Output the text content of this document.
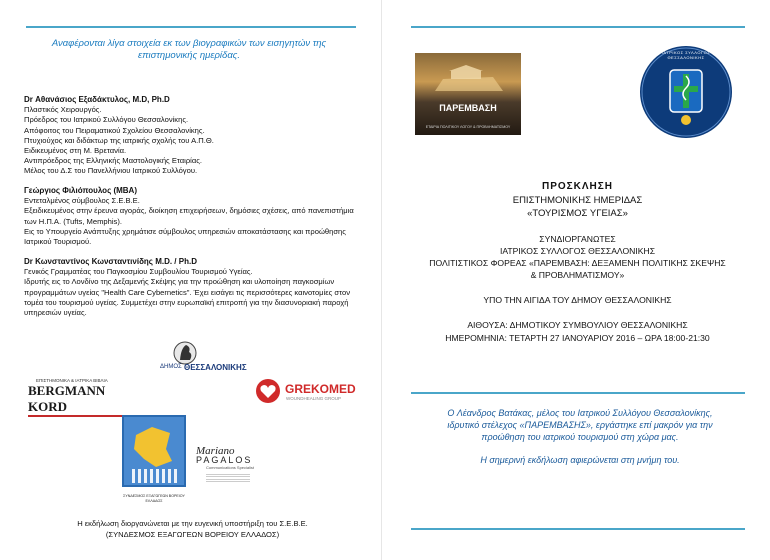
Αναφέρονται λίγα στοιχεία εκ των βιογραφικών των εισηγητών της επιστημονικής ημερίδας.
Dr Αθανάσιος Εξαδάκτυλος, M.D, Ph.D
Πλαστικός Χειρουργός.
Πρόεδρος του Ιατρικού Συλλόγου Θεσσαλονίκης.
Απόφοιτος του Πειραματικού Σχολείου Θεσσαλονίκης.
Πτυχιούχος και διδάκτωρ της ιατρικής σχολής του Α.Π.Θ.
Ειδικευμένος στη Μ. Βρετανία.
Αντιπρόεδρος της Ελληνικής Μαστολογικής Εταιρίας.
Μέλος του Δ.Σ του Πανελλήνιου Ιατρικού Συλλόγου.
Γεώργιος Φιλιόπουλος (MBA)
Εντεταλμένος σύμβουλος Σ.Ε.Β.Ε.
Εξειδικευμένος στην έρευνα αγοράς, διοίκηση επιχειρήσεων, δημόσιες σχέσεις, από πανεπιστήμια των Η.Π.Α. (Tufts, Memphis).
Εις το Υπουργείο Ανάπτυξης χρημάτισε σύμβουλος υπηρεσιών αποκατάστασης και προώθησης Ιατρικού Τουρισμού.
Dr Κωνσταντίνος Κωνσταντινίδης M.D. / Ph.D
Γενικός Γραμματέας του Παγκοσμίου Συμβουλίου Τουρισμού Υγείας.
Ιδρυτής εις το Λονδίνο της Δεξαμενής Σκέψης για την προώθηση και υλοποίηση παγκοσμίων προγραμμάτων υγείας "Health Care Cybernetics". Έχει εισάγει τις περισσότερες καινοτομίες στον τομέα του τουρισμού υγείας. Συμμετέχει στην ευρωπαϊκή επιτροπή για την διασυνοριακή παροχή υπηρεσιών υγείας.
ΔΗΜΟΣ ΘΕΣΣΑΛΟΝΙΚΗΣ
ΕΠΙΣΤΗΜΟΝΙΚΑ & ΙΑΤΡΙΚΑ ΒΙΒΛΙΑ
BERGMANN KORD
GREKOMED
WOUNDHEALING GROUP
ΣΥΝΔΕΣΜΟΣ ΕΞΑΓΩΓΕΩΝ ΒΟΡΕΙΟΥ ΕΛΛΑΔΟΣ
Mariano
PAGALOS
Communications Specialist
Η εκδήλωση διοργανώνεται με την ευγενική υποστήριξη του Σ.Ε.Β.Ε.
(ΣΥΝΔΕΣΜΟΣ ΕΞΑΓΩΓΕΩΝ ΒΟΡΕΙΟΥ ΕΛΛΑΔΟΣ)
ΠΑΡΕΜΒΑΣΗ
ΕΤΑΙΡΙΑ ΠΟΛΙΤΙΚΟΥ ΛΟΓΟΥ & ΠΡΟΒΛΗΜΑΤΙΣΜΟΥ
ΙΑΤΡΙΚΟΣ ΣΥΛΛΟΓΟΣ ΘΕΣΣΑΛΟΝΙΚΗΣ
ΠΡΟΣΚΛΗΣΗ
ΕΠΙΣΤΗΜΟΝΙΚΗΣ ΗΜΕΡΙΔΑΣ
«ΤΟΥΡΙΣΜΟΣ ΥΓΕΙΑΣ»
ΣΥΝΔΙΟΡΓΑΝΩΤΕΣ
ΙΑΤΡΙΚΟΣ ΣΥΛΛΟΓΟΣ ΘΕΣΣΑΛΟΝΙΚΗΣ
ΠΟΛΙΤΙΣΤΙΚΟΣ ΦΟΡΕΑΣ «ΠΑΡΕΜΒΑΣΗ: ΔΕΞΑΜΕΝΗ ΠΟΛΙΤΙΚΗΣ ΣΚΕΨΗΣ
& ΠΡΟΒΛΗΜΑΤΙΣΜΟΥ»
ΥΠΟ ΤΗΝ ΑΙΓΙΔΑ ΤΟΥ ΔΗΜΟΥ ΘΕΣΣΑΛΟΝΙΚΗΣ
ΑΙΘΟΥΣΑ: ΔΗΜΟΤΙΚΟΥ ΣΥΜΒΟΥΛΙΟΥ ΘΕΣΣΑΛΟΝΙΚΗΣ
ΗΜΕΡΟΜΗΝΙΑ: ΤΕΤΑΡΤΗ 27 ΙΑΝΟΥΑΡΙΟΥ 2016 – ΩΡΑ 18:00-21:30
Ο Λέανδρος Βατάκας, μέλος του Ιατρικού Συλλόγου Θεσσαλονίκης,
ιδρυτικό στέλεχος «ΠΑΡΕΜΒΑΣΗΣ», εργάστηκε επί μακρόν για την
προώθηση του ιατρικού τουρισμού στη χώρα μας.
Η σημερινή εκδήλωση αφιερώνεται στη μνήμη του.
